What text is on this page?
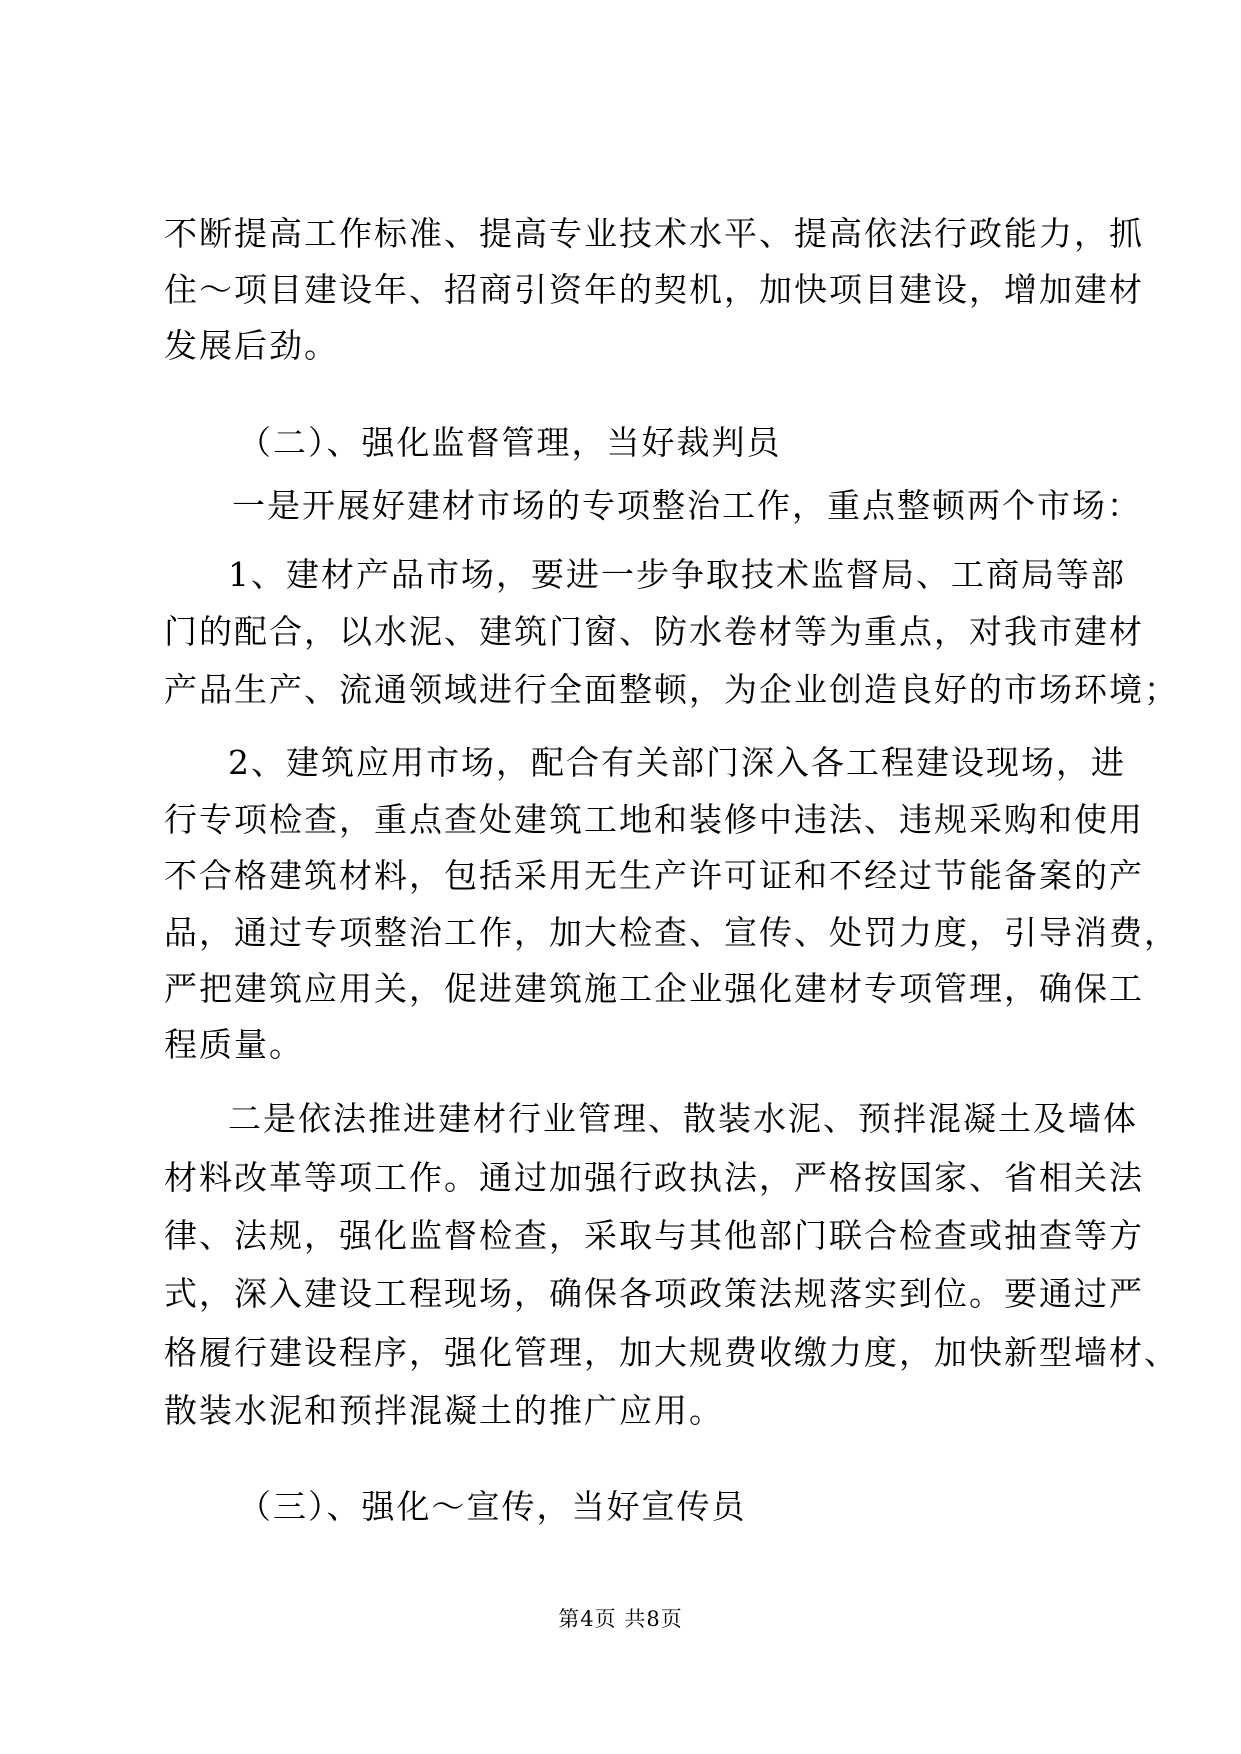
不断提高工作标准、提高专业技术水平、提高依法行政能力，抓
住～项目建设年、招商引资年的契机，加快项目建设，增加建材
发展后劲。
（二）、强化监督管理，当好裁判员
一是开展好建材市场的专项整治工作，重点整顿两个市场：
1、建材产品市场，要进一步争取技术监督局、工商局等部
门的配合，以水泥、建筑门窗、防水卷材等为重点，对我市建材
产品生产、流通领域进行全面整顿，为企业创造良好的市场环境；
2、建筑应用市场，配合有关部门深入各工程建设现场，进
行专项检查，重点查处建筑工地和装修中违法、违规采购和使用
不合格建筑材料，包括采用无生产许可证和不经过节能备案的产
品，通过专项整治工作，加大检查、宣传、处罚力度，引导消费，
严把建筑应用关，促进建筑施工企业强化建材专项管理，确保工
程质量。
二是依法推进建材行业管理、散装水泥、预拌混凝土及墙体
材料改革等项工作。通过加强行政执法，严格按国家、省相关法
律、法规，强化监督检查，采取与其他部门联合检查或抽查等方
式，深入建设工程现场，确保各项政策法规落实到位。要通过严
格履行建设程序，强化管理，加大规费收缴力度，加快新型墙材、
散装水泥和预拌混凝土的推广应用。
（三）、强化～宣传，当好宣传员
第4页 共8页
